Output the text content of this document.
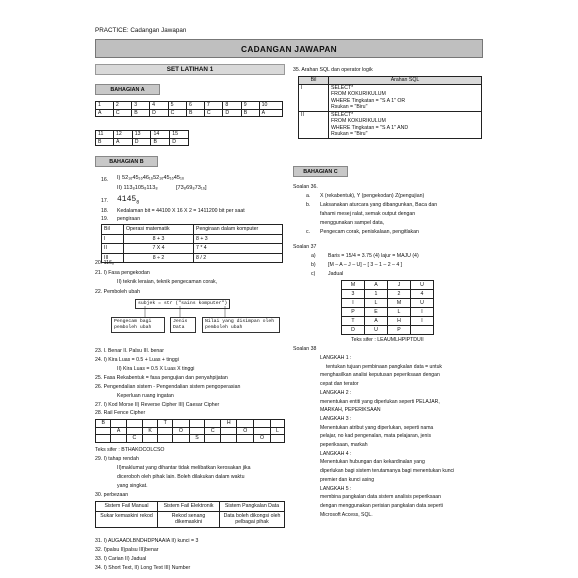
PRACTICE: Cadangan Jawapan
CADANGAN JAWAPAN
SET LATIHAN 1
BAHAGIAN A
1	2	3	4	5	6	7	8	9	10
A	C	B	D	C	B	C	D	B	A
11	12	13	14	15
B	A	D	B	D
BAHAGIAN B
16. I) 52₁₆45₁₆46₁₆52₁₆45₁₆45₁₆
II) 113₈105₈113₈	[73₈69₈73₁₆]
17. $4145_8$
18. Kedalaman bit = 44100 X 16 X 2 = 1411200 bit per saat
19. pengiraan
Bil	Operasi matematik	Pengiraan dalam komputer
I	8 + 3	8 + 3
II	7 X 4	7 * 4
III	8 ÷ 2	8 / 2
20. 116₈
21. I) Fasa pengekodan
II) teknik leraian, teknik pengecaman corak,
22. Pemboleh ubah
subjek = str ("sains komputer")
Pengecam bagi pemboleh ubah
Jenis Data
Nilai yang disimpan oleh pemboleh ubah
23. I. Benar II. Palsu III. benar
24. I) Kira Luas = 0.5 + Luas + tinggi
II) Kira Luas = 0.5 X Luas X tinggi
25. Fasa Rekabentuk = fasa pengujian dan penyahpijatan
26. Pengendalian sistem - Pengendalian sistem pengoperasian
Keperluan ruang ingatan
27. I) Kod Morse II) Reverse Cipher III) Caesar Cipher
28. Rail Fence Cipher
B				T				H			
	A		K		O		C		O		L
		C				S				O	
Teks sifer : BTHAKOCOLCSO
29. I) tahap rendah
II)maklumat yang dihantar tidak melibatkan kerosakan jika
dicerobоh oleh pihak lain. Boleh dilakukan dalam waktu
yang singkat.
30. perbezaan
Sistem Fail Manual	Sistem Fail Elektronik	Sistem Pangkalan Data
Sukar kemaskini rekod	Rekod senang dikemaskini	Data boleh dikongsi oleh pelbagai pihak
31. I) AUGAADLBNDHDPNAAIA II) kunci = 3
32. I)palsu II)palsu III)benar
33. I) Carian II) Jadual
34. I) Short Text, II) Long Text III) Number
35. Arahan SQL dan operator logik
Bil	Arahan SQL
I	SELECT*
FROM KOKURIKULUM
WHERE Tingkatan = "S A 1" OR
Rsukan = "Biru"

II	SELECT*
FROM KOKURIKULUM
WHERE Tingkatan = "S A 1" AND
Rsukan = "Biru"
BAHAGIAN C
Soalan 36.
a. X (rekabentuk), Y (pengekodan) Z(pengujian)
b. Laksanakan aturcara yang dibangunkan, Baca dan
fahami mesej ralat, semak output dengan
menggunakan sampel data,
c. Pengecam corak, peniskalaan, pengitlakan
Soalan 37
a) Baris = 15/4 = 3.75 (4) lajur = MAJU (4)
b) [M – A – J – U] – [ 3 – 1 – 2 – 4 ]
c) Jadual
M	A	J	U
3	1	2	4
I	L	M	U
P	E	L	I
T	A	H	I
D	U	P	
Teks sifer : LEAUMLHPIPTDUII
Soalan 38
LANGKAH 1 :
tentukan tujuan pembinaan pangkalan data = untuk
menghasilkan analisi keputusan peperiksaan dengan
cepat dan terator
LANGKAH 2 :
menentukan entiti yang diperlukan seperti PELAJAR,
MARKAH, PEPERIKSAAN
LANGKAH 3 :
Menentukan atribut yang diperlukan, seperti nama
pelajar, no kad pengenalan, mata pelajaran, jenis
peperiksaan, markah
LANGKAH 4 :
Menentukan hubungan dan kekardinalan yang
diperlukan bagi sistem terutamanya bagi menentukan kunci
premier dan kunci asing
LANGKAH 5 :
membina pangkalan data sistem analisis peperiksaan
dengan menggunakan perisian pangkalan data seperti
Microsoft Access, SQL.
